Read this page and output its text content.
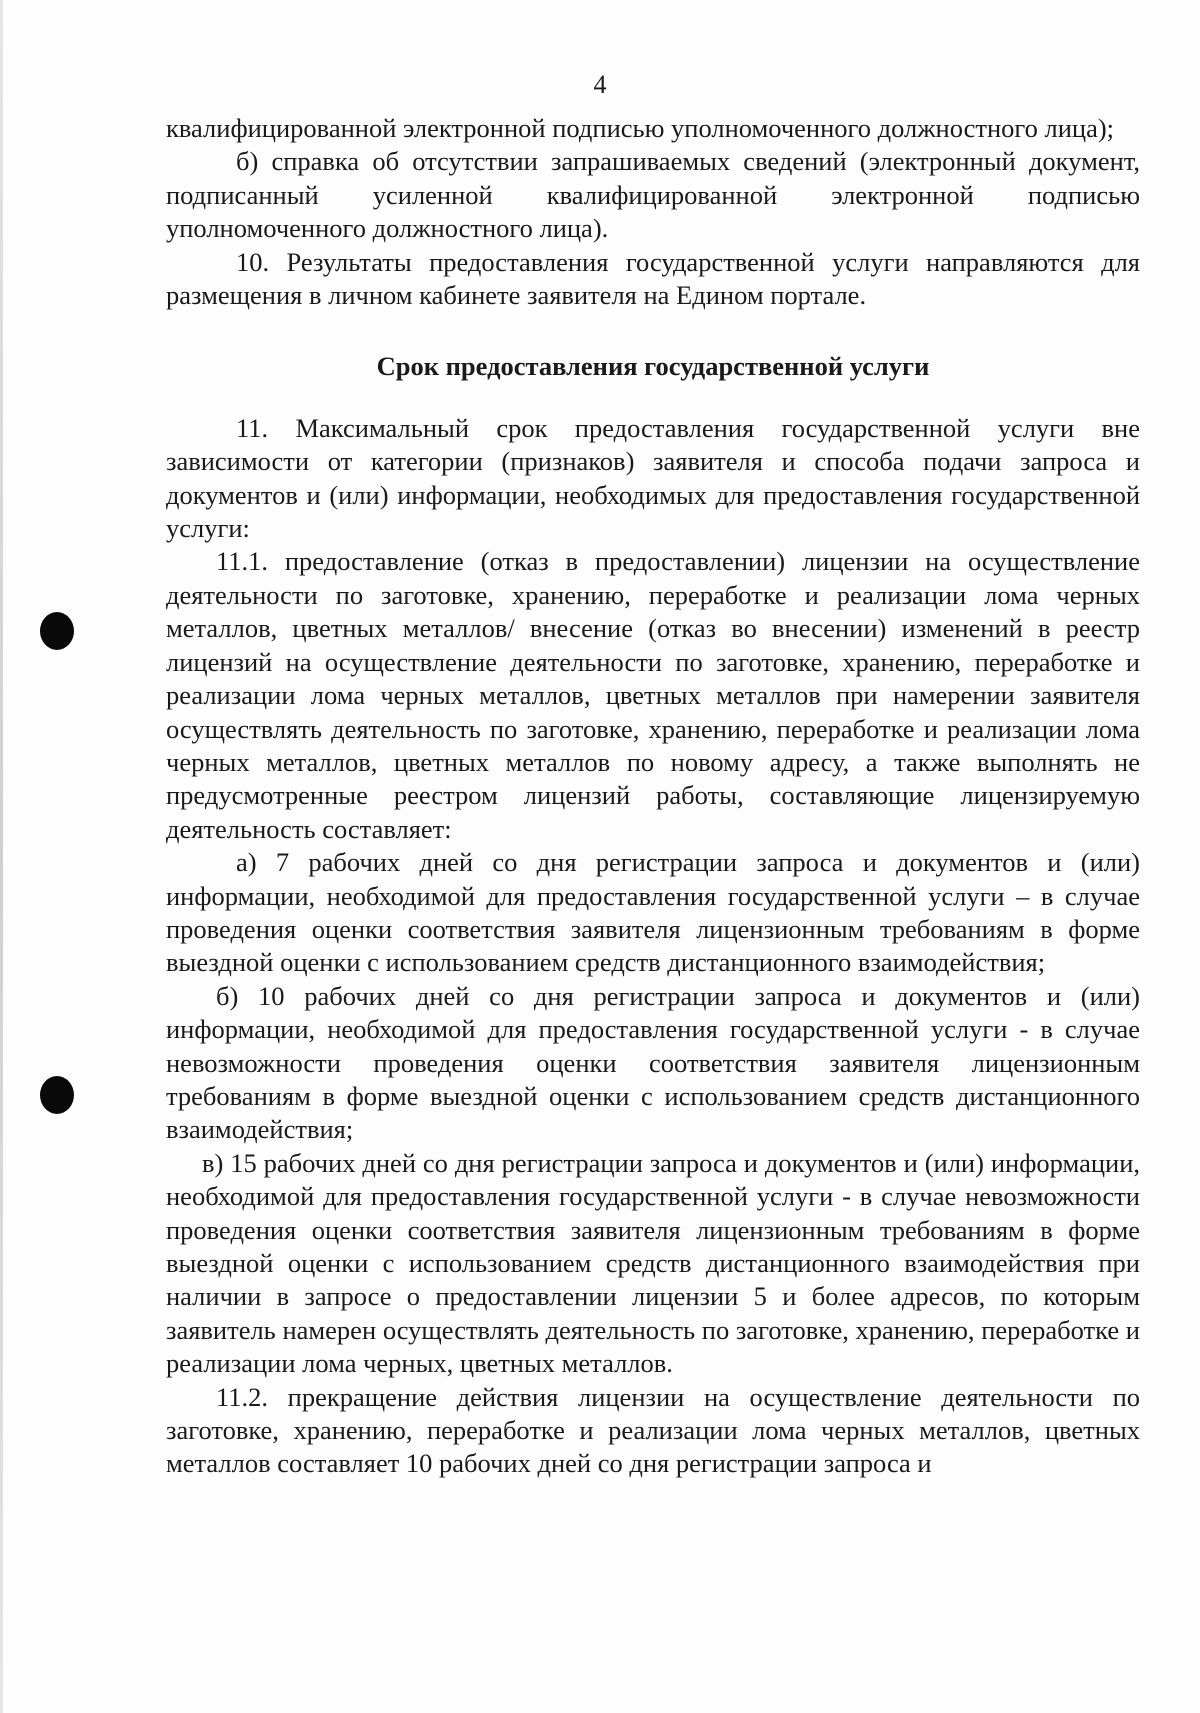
4

квалифицированной электронной подписью уполномоченного должностного лица);

б) справка об отсутствии запрашиваемых сведений (электронный документ, подписанный усиленной квалифицированной электронной подписью уполномоченного должностного лица).

10. Результаты предоставления государственной услуги направляются для размещения в личном кабинете заявителя на Едином портале.

Срок предоставления государственной услуги

11. Максимальный срок предоставления государственной услуги вне зависимости от категории (признаков) заявителя и способа подачи запроса и документов и (или) информации, необходимых для предоставления государственной услуги:

11.1. предоставление (отказ в предоставлении) лицензии на осуществление деятельности по заготовке, хранению, переработке и реализации лома черных металлов, цветных металлов/ внесение (отказ во внесении) изменений в реестр лицензий на осуществление деятельности по заготовке, хранению, переработке и реализации лома черных металлов, цветных металлов при намерении заявителя осуществлять деятельность по заготовке, хранению, переработке и реализации лома черных металлов, цветных металлов по новому адресу, а также выполнять не предусмотренные реестром лицензий работы, составляющие лицензируемую деятельность составляет:

а) 7 рабочих дней со дня регистрации запроса и документов и (или) информации, необходимой для предоставления государственной услуги – в случае проведения оценки соответствия заявителя лицензионным требованиям в форме выездной оценки с использованием средств дистанционного взаимодействия;

б) 10 рабочих дней со дня регистрации запроса и документов и (или) информации, необходимой для предоставления государственной услуги - в случае невозможности проведения оценки соответствия заявителя лицензионным требованиям в форме выездной оценки с использованием средств дистанционного взаимодействия;

в) 15 рабочих дней со дня регистрации запроса и документов и (или) информации, необходимой для предоставления государственной услуги - в случае невозможности проведения оценки соответствия заявителя лицензионным требованиям в форме выездной оценки с использованием средств дистанционного взаимодействия при наличии в запросе о предоставлении лицензии 5 и более адресов, по которым заявитель намерен осуществлять деятельность по заготовке, хранению, переработке и реализации лома черных, цветных металлов.

11.2. прекращение действия лицензии на осуществление деятельности по заготовке, хранению, переработке и реализации лома черных металлов, цветных металлов составляет 10 рабочих дней со дня регистрации запроса и
